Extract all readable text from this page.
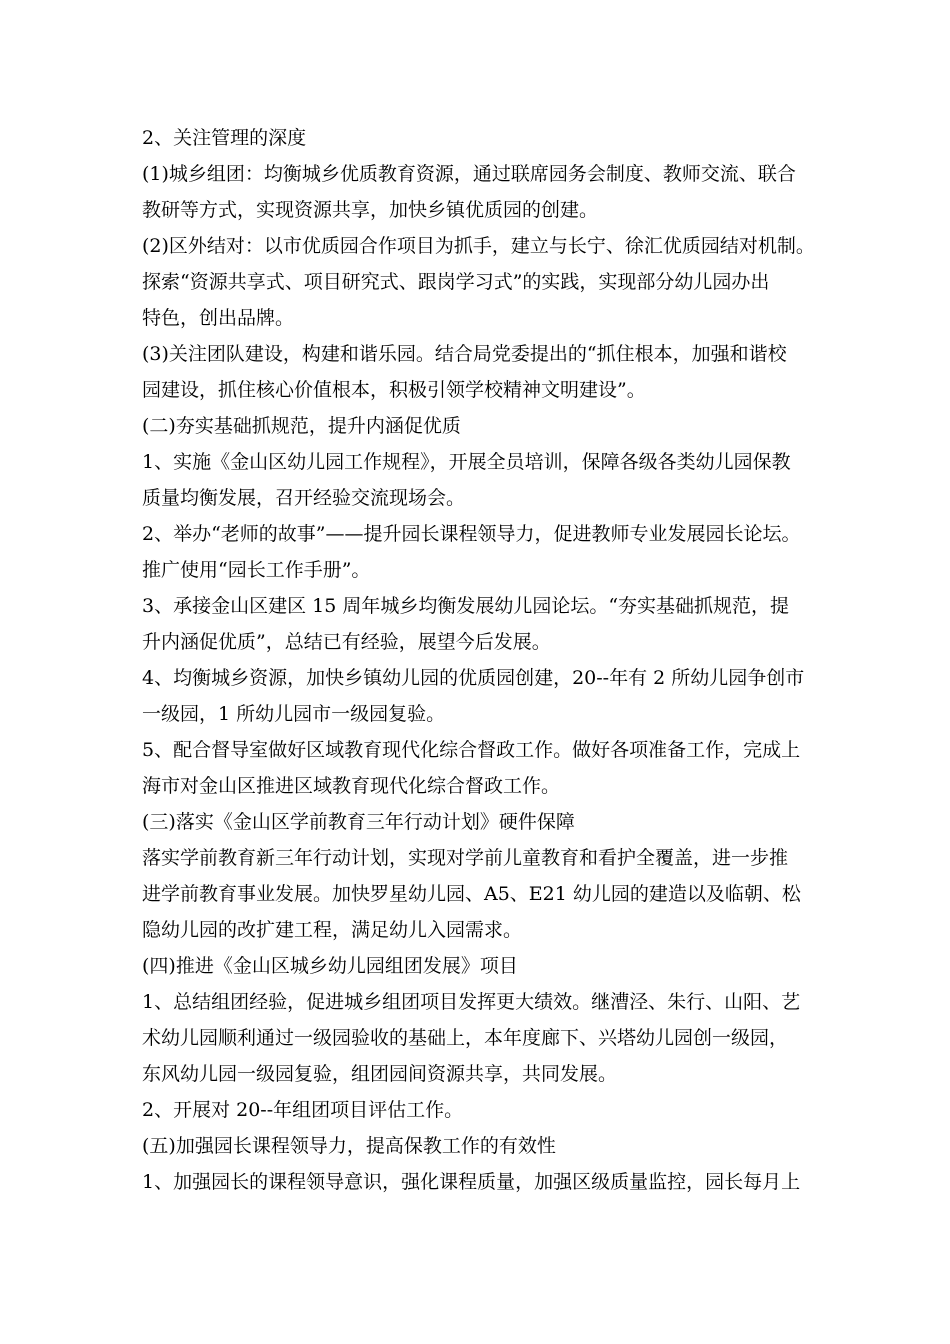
2、关注管理的深度
(1)城乡组团：均衡城乡优质教育资源，通过联席园务会制度、教师交流、联合
教研等方式，实现资源共享，加快乡镇优质园的创建。
(2)区外结对：以市优质园合作项目为抓手，建立与长宁、徐汇优质园结对机制。
探索“资源共享式、项目研究式、跟岗学习式”的实践，实现部分幼儿园办出
特色，创出品牌。
(3)关注团队建设，构建和谐乐园。结合局党委提出的“抓住根本，加强和谐校
园建设，抓住核心价值根本，积极引领学校精神文明建设”。
(二)夯实基础抓规范，提升内涵促优质
1、实施《金山区幼儿园工作规程》，开展全员培训，保障各级各类幼儿园保教
质量均衡发展，召开经验交流现场会。
2、举办“老师的故事”——提升园长课程领导力，促进教师专业发展园长论坛。
推广使用“园长工作手册”。
3、承接金山区建区 15 周年城乡均衡发展幼儿园论坛。“夯实基础抓规范，提
升内涵促优质”，总结已有经验，展望今后发展。
4、均衡城乡资源，加快乡镇幼儿园的优质园创建，20--年有 2 所幼儿园争创市
一级园，1 所幼儿园市一级园复验。
5、配合督导室做好区域教育现代化综合督政工作。做好各项准备工作，完成上
海市对金山区推进区域教育现代化综合督政工作。
(三)落实《金山区学前教育三年行动计划》硬件保障
落实学前教育新三年行动计划，实现对学前儿童教育和看护全覆盖，进一步推
进学前教育事业发展。加快罗星幼儿园、A5、E21 幼儿园的建造以及临朝、松
隐幼儿园的改扩建工程，满足幼儿入园需求。
(四)推进《金山区城乡幼儿园组团发展》项目
1、总结组团经验，促进城乡组团项目发挥更大绩效。继漕泾、朱行、山阳、艺
术幼儿园顺利通过一级园验收的基础上，本年度廊下、兴塔幼儿园创一级园，
东风幼儿园一级园复验，组团园间资源共享，共同发展。
2、开展对 20--年组团项目评估工作。
(五)加强园长课程领导力，提高保教工作的有效性
1、加强园长的课程领导意识，强化课程质量，加强区级质量监控，园长每月上
